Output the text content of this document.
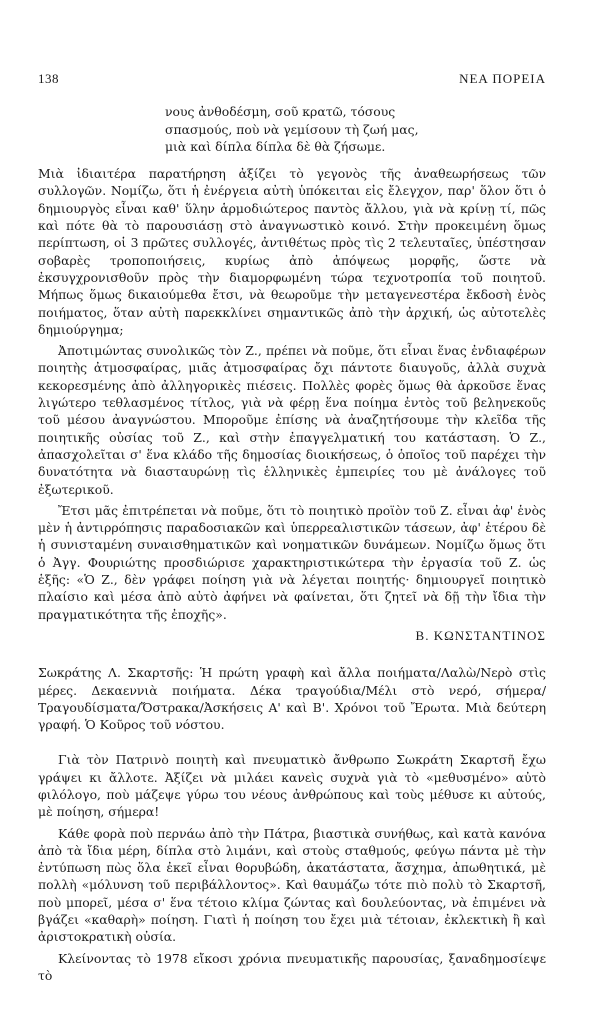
138	ΝΕΑ ΠΟΡΕΙΑ
νους ἀνθοδέσμη, σοῦ κρατῶ, τόσους
σπασμούς, ποὺ νὰ γεμίσουν τὴ ζωή μας,
μιὰ καὶ δίπλα δίπλα δὲ θὰ ζήσωμε.

Μιὰ ἰδιαιτέρα παρατήρηση ἀξίζει τὸ γεγονὸς τῆς ἀναθεωρήσεως τῶν συλλογῶν. Νομίζω, ὅτι ἡ ἐνέργεια αὐτὴ ὑπόκειται εἰς ἔλεγχον, παρ' ὅλον ὅτι ὁ δημιουργὸς εἶναι καθ' ὕλην ἁρμοδιώτερος παντὸς ἄλλου, γιὰ νὰ κρίνῃ τί, πῶς καὶ πότε θὰ τὸ παρουσιάσῃ στὸ ἀναγνωστικὸ κοινό. Στὴν προκειμένη ὅμως περίπτωση, οἱ 3 πρῶτες συλλογές, ἀντιθέτως πρὸς τὶς 2 τελευταῖες, ὑπέστησαν σοβαρὲς τροποποιήσεις, κυρίως ἀπὸ ἀπόψεως μορφῆς, ὥστε νὰ ἐκσυγχρονισθοῦν πρὸς τὴν διαμορφωμένη τώρα τεχνοτροπία τοῦ ποιητοῦ. Μήπως ὅμως δικαιούμεθα ἔτσι, νὰ θεωροῦμε τὴν μεταγενεστέρα ἔκδοσὴ ἑνὸς ποιήματος, ὅταν αὐτὴ παρεκκλίνει σημαντικῶς ἀπὸ τὴν ἀρχική, ὡς αὐτοτελὲς δημιούργημα;

Ἀποτιμώντας συνολικῶς τὸν Ζ., πρέπει νὰ ποῦμε, ὅτι εἶναι ἕνας ἐνδιαφέρων ποιητὴς ἀτμοσφαίρας, μιᾶς ἀτμοσφαίρας ὄχι πάντοτε διαυγοῦς, ἀλλὰ συχνὰ κεκορεσμένης ἀπὸ ἀλληγορικὲς πιέσεις. Πολλὲς φορὲς ὅμως θὰ ἀρκοῦσε ἕνας λιγώτερο τεθλασμένος τίτλος, γιὰ νὰ φέρῃ ἕνα ποίημα ἐντὸς τοῦ βεληνεκοῦς τοῦ μέσου ἀναγνώστου. Μποροῦμε ἐπίσης νὰ ἀναζητήσουμε τὴν κλεῖδα τῆς ποιητικῆς οὐσίας τοῦ Ζ., καὶ στὴν ἐπαγγελματική του κατάσταση. Ὁ Ζ., ἀπασχολεῖται σ' ἕνα κλάδο τῆς δημοσίας διοικήσεως, ὁ ὁποῖος τοῦ παρέχει τὴν δυνατότητα νὰ διασταυρώνῃ τὶς ἑλληνικὲς ἐμπειρίες του μὲ ἀνάλογες τοῦ ἐξωτερικοῦ.

Ἔτσι μᾶς ἐπιτρέπεται νὰ ποῦμε, ὅτι τὸ ποιητικὸ προϊὸν τοῦ Ζ. εἶναι ἀφ' ἑνὸς μὲν ἡ ἀντιρρόπησις παραδοσιακῶν καὶ ὑπερρεαλιστικῶν τάσεων, ἀφ' ἑτέρου δὲ ἡ συνισταμένη συναισθηματικῶν καὶ νοηματικῶν δυνάμεων. Νομίζω ὅμως ὅτι ὁ Ἀγγ. Φουριώτης προσδιώρισε χαρακτηριστικώτερα τὴν ἐργασία τοῦ Ζ. ὡς ἑξῆς: «Ὁ Ζ., δὲν γράφει ποίηση γιὰ νὰ λέγεται ποιητής· δημιουργεῖ ποιητικὸ πλαίσιο καὶ μέσα ἀπὸ αὐτὸ ἀφήνει νὰ φαίνεται, ὅτι ζητεῖ νὰ δῇ τὴν ἴδια τὴν πραγματικότητα τῆς ἐποχῆς».

Β. ΚΩΝΣΤΑΝΤΙΝΟΣ

Σωκράτης Λ. Σκαρτσῆς: Ἡ πρώτη γραφὴ καὶ ἄλλα ποιήματα/Λαλὼ/Νερὸ στὶς μέρες. Δεκαεννιὰ ποιήματα. Δέκα τραγούδια/Μέλι στὸ νερό, σήμερα/Τραγουδίσματα/Ὄστρακα/Ἀσκήσεις Α' καὶ Β'. Χρόνοι τοῦ Ἔρωτα. Μιὰ δεύτερη γραφή. Ὁ Κοῦρος τοῦ νόστου.

Γιὰ τὸν Πατρινὸ ποιητὴ καὶ πνευματικὸ ἄνθρωπο Σωκράτη Σκαρτσῆ ἔχω γράψει κι ἄλλοτε. Ἀξίζει νὰ μιλάει κανεὶς συχνὰ γιὰ τὸ «μεθυσμένο» αὐτὸ φιλόλογο, ποὺ μάζεψε γύρω του νέους ἀνθρώπους καὶ τοὺς μέθυσε κι αὐτούς, μὲ ποίηση, σήμερα!

Κάθε φορὰ ποὺ περνάω ἀπὸ τὴν Πάτρα, βιαστικὰ συνήθως, καὶ κατὰ κανόνα ἀπὸ τὰ ἴδια μέρη, δίπλα στὸ λιμάνι, καὶ στοὺς σταθμούς, φεύγω πάντα μὲ τὴν ἐντύπωση πὼς ὅλα ἐκεῖ εἶναι θορυβώδη, ἀκατάστατα, ἄσχημα, ἀπωθητικά, μὲ πολλὴ «μόλυνση τοῦ περιβάλλοντος». Καὶ θαυμάζω τότε πιὸ πολὺ τὸ Σκαρτσῆ, ποὺ μπορεῖ, μέσα σ' ἕνα τέτοιο κλίμα ζώντας καὶ δουλεύοντας, νὰ ἐπιμένει νὰ βγάζει «καθαρὴ» ποίηση. Γιατὶ ἡ ποίηση του ἔχει μιὰ τέτοιαν, ἐκλεκτικὴ ἢ καὶ ἀριστοκρατικὴ οὐσία.

Κλείνοντας τὸ 1978 εἴκοσι χρόνια πνευματικῆς παρουσίας, ξαναδημοσίεψε τὸ
